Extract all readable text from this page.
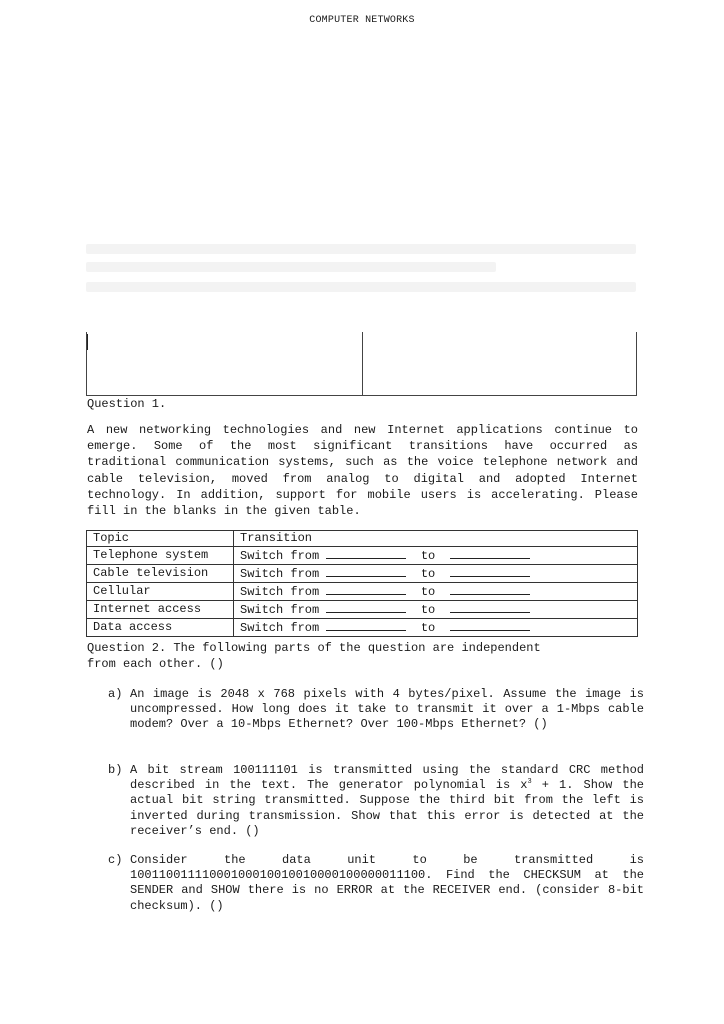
COMPUTER NETWORKS
Question 1.
A new networking technologies and new Internet applications continue to emerge. Some of the most significant transitions have occurred as traditional communication systems, such as the voice telephone network and cable television, moved from analog to digital and adopted Internet technology. In addition, support for mobile users is accelerating. Please fill in the blanks in the given table.
Topic	Transition
Telephone system	Switch from to
Cable television	Switch from to
Cellular	Switch from to
Internet access	Switch from to
Data access	Switch from to
Question 2. The following parts of the question are independent
from each other. ()
a) An image is 2048 x 768 pixels with 4 bytes/pixel. Assume the image is uncompressed. How long does it take to transmit it over a 1-Mbps cable modem? Over a 10-Mbps Ethernet? Over 100-Mbps Ethernet? ()
b) A bit stream 100111101 is transmitted using the standard CRC method described in the text. The generator polynomial is $x^3 + 1$. Show the actual bit string transmitted. Suppose the third bit from the left is inverted during transmission. Show that this error is detected at the receiver’s end. ()
c) Consider the data unit to be transmitted is
10011001111000100010010010000100000011100. Find the CHECKSUM at the SENDER and SHOW there is no ERROR at the RECEIVER end. (consider 8-bit checksum). ()
